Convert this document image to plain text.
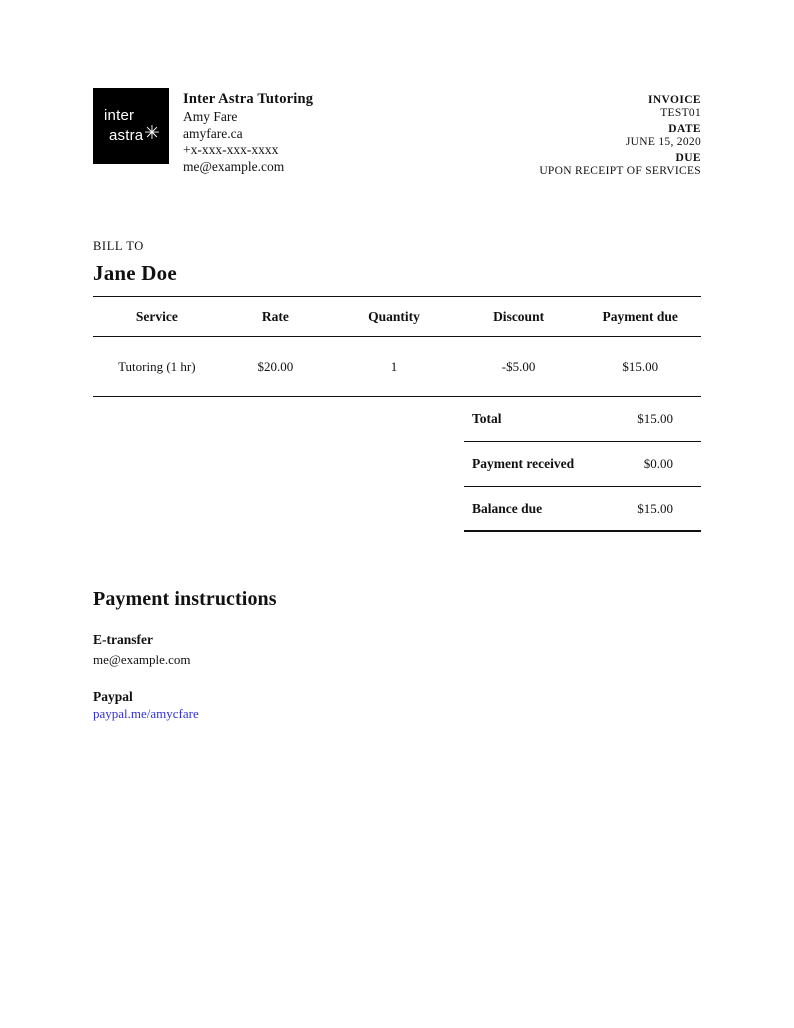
inter
astra ✳
Inter Astra Tutoring
Amy Fare
amyfare.ca
+x-xxx-xxx-xxxx
me@example.com
INVOICE
TEST01
DATE
JUNE 15, 2020
DUE
UPON RECEIPT OF SERVICES
BILL TO
Jane Doe
Service	Rate	Quantity	Discount	Payment due
Tutoring (1 hr)	$20.00	1	-$5.00	$15.00
Total	$15.00
Payment received	$0.00
Balance due	$15.00
Payment instructions
E-transfer
me@example.com
Paypal
paypal.me/amycfare
